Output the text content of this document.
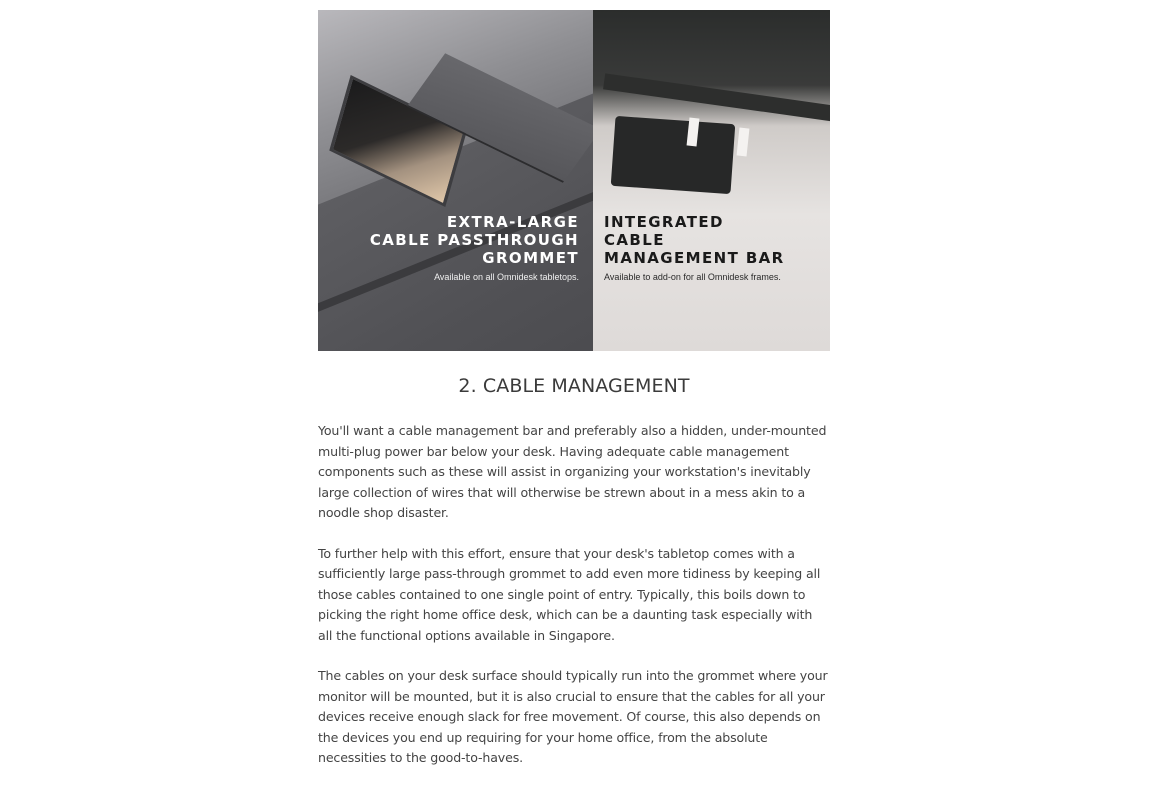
EXTRA-LARGE
CABLE PASSTHROUGH
GROMMET

Available on all Omnidesk tabletops.

INTEGRATED
CABLE
MANAGEMENT BAR

Available to add-on for all Omnidesk frames.
2. CABLE MANAGEMENT

You'll want a cable management bar and preferably also a hidden, under-mounted multi-plug power bar below your desk. Having adequate cable management components such as these will assist in organizing your workstation's inevitably large collection of wires that will otherwise be strewn about in a mess akin to a noodle shop disaster.

To further help with this effort, ensure that your desk's tabletop comes with a sufficiently large pass-through grommet to add even more tidiness by keeping all those cables contained to one single point of entry. Typically, this boils down to picking the right home office desk, which can be a daunting task especially with all the functional options available in Singapore.

The cables on your desk surface should typically run into the grommet where your monitor will be mounted, but it is also crucial to ensure that the cables for all your devices receive enough slack for free movement. Of course, this also depends on the devices you end up requiring for your home office, from the absolute necessities to the good-to-haves.
